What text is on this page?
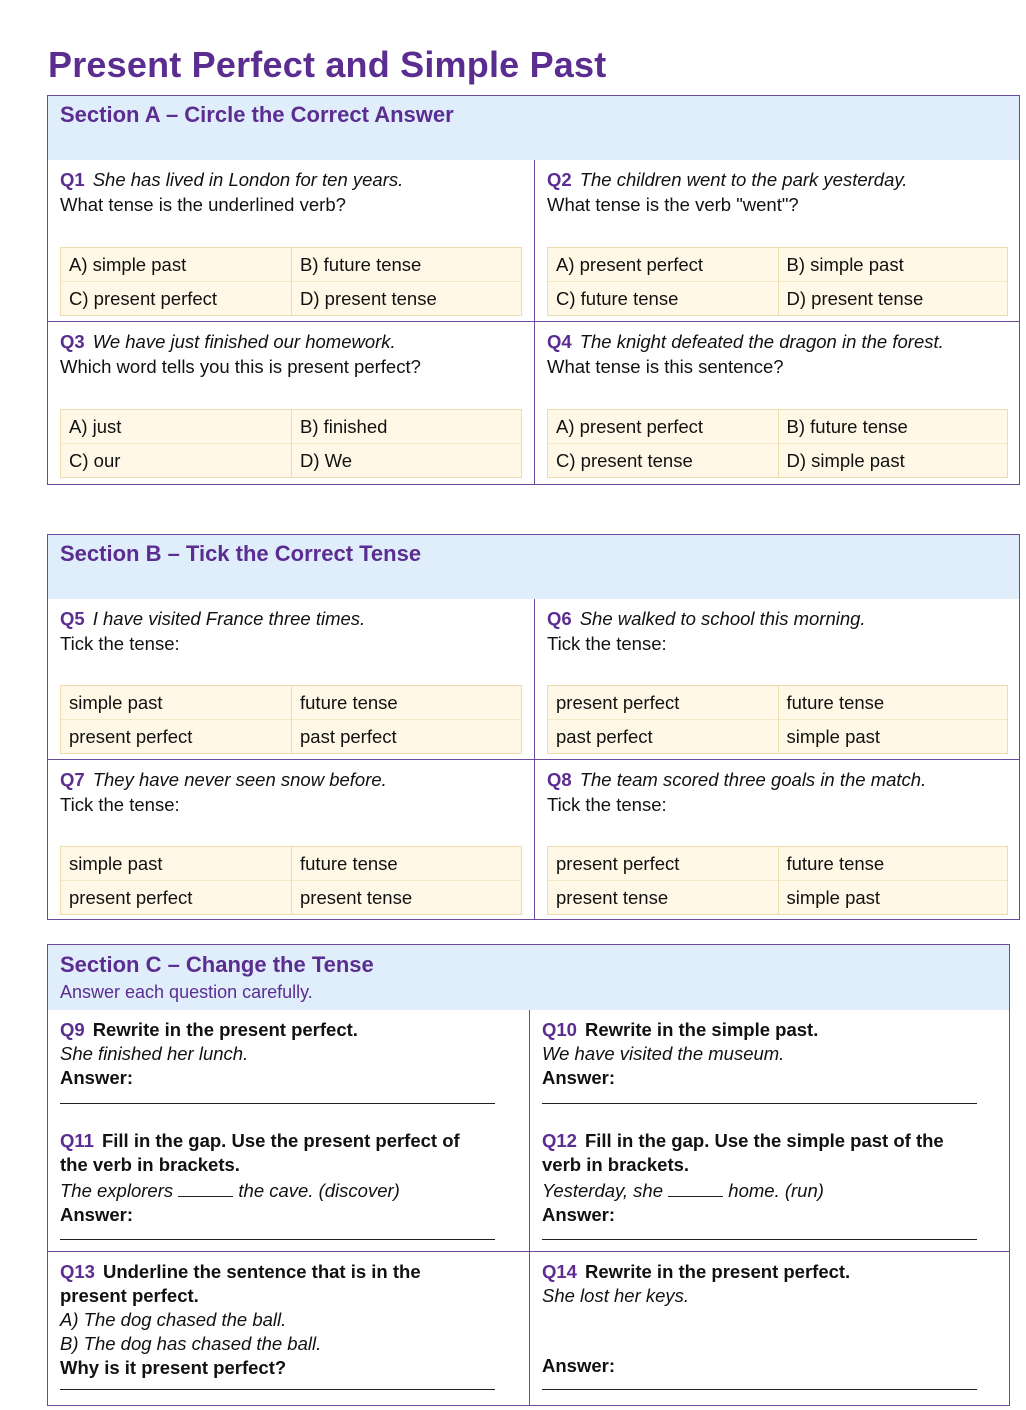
Present Perfect and Simple Past
Section A – Circle the Correct Answer
Q1 She has lived in London for ten years.
What tense is the underlined verb?
A) simple past	B) future tense
C) present perfect	D) present tense
Q2 The children went to the park yesterday.
What tense is the verb "went"?
A) present perfect	B) simple past
C) future tense	D) present tense
Q3 We have just finished our homework.
Which word tells you this is present perfect?
A) just	B) finished
C) our	D) We
Q4 The knight defeated the dragon in the forest.
What tense is this sentence?
A) present perfect	B) future tense
C) present tense	D) simple past
Section B – Tick the Correct Tense
Q5 I have visited France three times.
Tick the tense:
simple past	future tense
present perfect	past perfect
Q6 She walked to school this morning.
Tick the tense:
present perfect	future tense
past perfect	simple past
Q7 They have never seen snow before.
Tick the tense:
simple past	future tense
present perfect	present tense
Q8 The team scored three goals in the match.
Tick the tense:
present perfect	future tense
present tense	simple past
Section C – Change the Tense
Answer each question carefully.
Q9 Rewrite in the present perfect.
She finished her lunch.
Answer:
Q10 Rewrite in the simple past.
We have visited the museum.
Answer:
Q11 Fill in the gap. Use the present perfect of
the verb in brackets.
The explorers	the cave. (discover)
Answer:
Q12 Fill in the gap. Use the simple past of the
verb in brackets.
Yesterday, she	home. (run)
Answer:
Q13 Underline the sentence that is in the
present perfect.
A) The dog chased the ball.
B) The dog has chased the ball.
Why is it present perfect?
Q14 Rewrite in the present perfect.
She lost her keys.
Answer:
